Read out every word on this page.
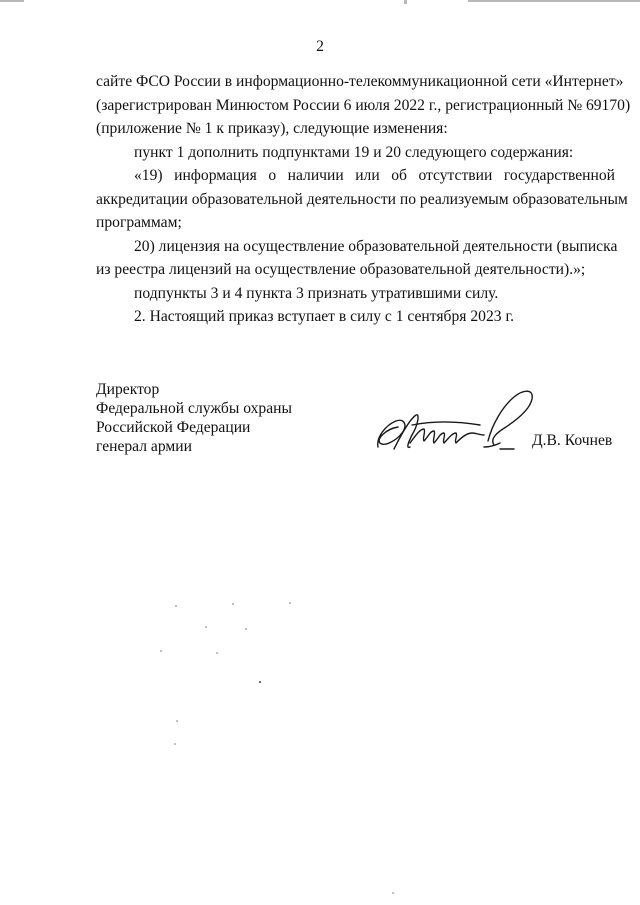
2
сайте ФСО России в информационно-телекоммуникационной сети «Интернет»
(зарегистрирован Минюстом России 6 июля 2022 г., регистрационный № 69170)
(приложение № 1 к приказу), следующие изменения:
пункт 1 дополнить подпунктами 19 и 20 следующего содержания:
«19) информация о наличии или об отсутствии государственной
аккредитации образовательной деятельности по реализуемым образовательным
программам;
20) лицензия на осуществление образовательной деятельности (выписка
из реестра лицензий на осуществление образовательной деятельности).»;
подпункты 3 и 4 пункта 3 признать утратившими силу.
2. Настоящий приказ вступает в силу с 1 сентября 2023 г.
Директор
Федеральной службы охраны
Российской Федерации
генерал армии	Д.В. Кочнев
